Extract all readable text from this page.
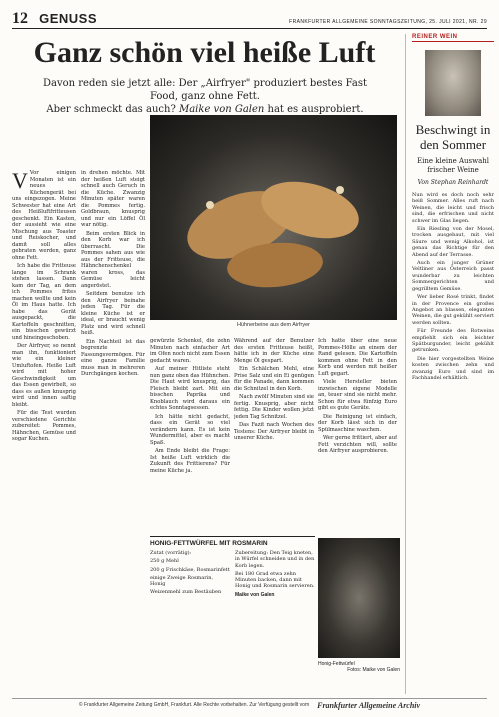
12 GENUSS	FRANKFURTER ALLGEMEINE SONNTAGSZEITUNG, 25. JULI 2021, NR. 29
Ganz schön viel heiße Luft

Davon reden sie jetzt alle: Der „Airfryer" produziert bestes Fast Food, ganz ohne Fett.
Aber schmeckt das auch? Maike von Galen hat es ausprobiert.

Hühnerbeine aus dem Airfryer

V Vor einigen Monaten ist ein neues Küchengerät bei uns eingezogen. Meine Schwester hat eine Art des Heißluftfritteusen geschenkt. Ein Kasten, der aussieht wie eine Mischung aus Toaster und Reiskocher, und damit soll alles gebraten werden, ganz ohne Fett.

Ich habe die Fritteuse lange im Schrank stehen lassen. Dann kam der Tag, an dem ich Pommes frites machen wollte und kein Öl im Haus hatte. Ich habe das Gerät ausgepackt, die Kartoffeln geschnitten, ein bisschen gewürzt und hineingeschoben.

Der Airfryer, so nennt man ihn, funktioniert wie ein kleiner Umluftofen. Heiße Luft wird mit hoher Geschwindigkeit um das Essen gewirbelt, so dass es außen knusprig wird und innen saftig bleibt.

Für die Test wurden verschiedene Gerichte zubereitet: Pommes, Hähnchen, Gemüse und sogar Kuchen.

in drehen möchte. Mit der heißen Luft steigt schnell auch Geruch in die Küche. Zwanzig Minuten später waren die Pommes fertig. Goldbraun, knusprig und nur ein Löffel Öl war nötig.

Beim ersten Blick in den Korb war ich überrascht. Die Pommes sahen aus wie aus der Fritteuse, die Hähnchenschenkel waren kross, das Gemüse leicht angeröstet.

Seitdem benutze ich den Airfryer beinahe jeden Tag. Für die kleine Küche ist er ideal, er braucht wenig Platz und wird schnell heiß.

Ein Nachteil ist das begrenzte Fassungsvermögen. Für eine ganze Familie muss man in mehreren Durchgängen kochen.

gewürzte Schenkel, die zehn Minuten nach einfacher Art im Ofen noch nicht zum Essen gedacht waren.

Auf meiner Hitliste steht nun ganz oben das Hühnchen. Die Haut wird knusprig, das Fleisch bleibt zart. Mit ein bisschen Paprika und Knoblauch wird daraus ein echtes Sonntagsessen.

Ich hätte nicht gedacht, dass ein Gerät so viel verändern kann. Es ist kein Wundermittel, aber es macht Spaß.

Am Ende bleibt die Frage: Ist heiße Luft wirklich die Zukunft des Frittierens? Für meine Küche ja.

Während auf der Benutzer des ersten Fritteuse heißt, hätte ich in der Küche eine Menge Öl gespart.

Ein Schälchen Mehl, eine Prise Salz und ein Ei genügen für die Panade, dann kommen die Schnitzel in den Korb.

Nach zwölf Minuten sind sie fertig. Knusprig, aber nicht fettig. Die Kinder wollen jetzt jeden Tag Schnitzel.

Das Fazit nach Wochen des Testens: Der Airfryer bleibt in unserer Küche.

Ich hatte über eine neue Pommes-Hölle an einem der Rand gelesen. Die Kartoffeln kommen ohne Fett in den Korb und werden mit heißer Luft gegart.

Viele Hersteller bieten inzwischen eigene Modelle an, teuer sind sie nicht mehr. Schon für etwa fünfzig Euro gibt es gute Geräte.

Die Reinigung ist einfach, der Korb lässt sich in der Spülmaschine waschen.

Wer gerne frittiert, aber auf Fett verzichten will, sollte den Airfryer ausprobieren.

HONIG-FETTWÜRFEL MIT ROSMARIN

Zutat (vorrätig):

250 g Mehl

200 g Frischkäse, Rosmarinfett

einige Zweige Rosmarin, Honig

Weizenmehl zum Bestäuben

Zubereitung: Den Teig kneten, in Würfel schneiden und in den Korb legen.

Bei 180 Grad etwa zehn Minuten backen, dann mit Honig und Rosmarin servieren.

Maike von Galen
Honig-Fettwürfel
Fotos: Maike von Galen
REINER WEIN
Beschwingt in den Sommer
Eine kleine Auswahl frischer Weine
Von Stephan Reinhardt

Nun wird es doch noch sehr heiß Sommer. Alles ruft nach Weinen, die leicht und frisch sind, die erfrischen und nicht schwer im Glas liegen.

Ein Riesling von der Mosel, trocken ausgebaut, mit viel Säure und wenig Alkohol, ist genau das Richtige für den Abend auf der Terrasse.

Auch ein junger Grüner Veltliner aus Österreich passt wunderbar zu leichten Sommergerichten und gegrilltem Gemüse.

Wer lieber Rosé trinkt, findet in der Provence ein großes Angebot an blassen, eleganten Weinen, die gut gekühlt serviert werden sollten.

Für Freunde des Rotweins empfiehlt sich ein leichter Spätburgunder, leicht gekühlt getrunken.

Die hier vorgestellten Weine kosten zwischen zehn und zwanzig Euro und sind im Fachhandel erhältlich.

© Frankfurter Allgemeine Zeitung GmbH, Frankfurt. Alle Rechte vorbehalten. Zur Verfügung gestellt vom Frankfurter Allgemeine Archiv
